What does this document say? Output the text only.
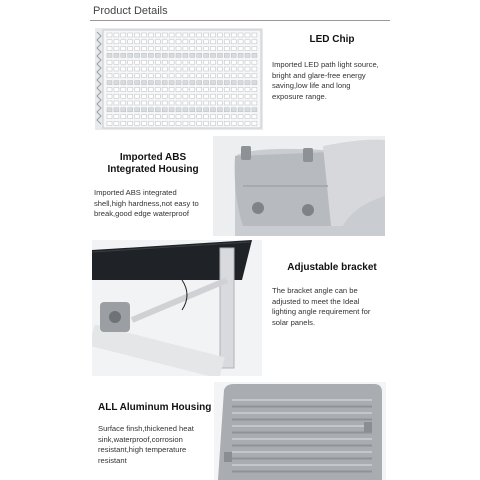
Product Details
LED Chip
Imported LED path light source,
bright and glare-free energy
saving,low life and long
exposure range.
Imported ABS
Integrated Housing
Imported ABS integrated
shell,high hardness,not easy to
break,good edge waterproof
Adjustable bracket
The bracket angle can be
adjusted to meet the Ideal
lighting angle requirement for
solar panels.
ALL Aluminum Housing
Surface finsh,thickened heat
sink,waterproof,corrosion
resistant,high temperature
resistant
